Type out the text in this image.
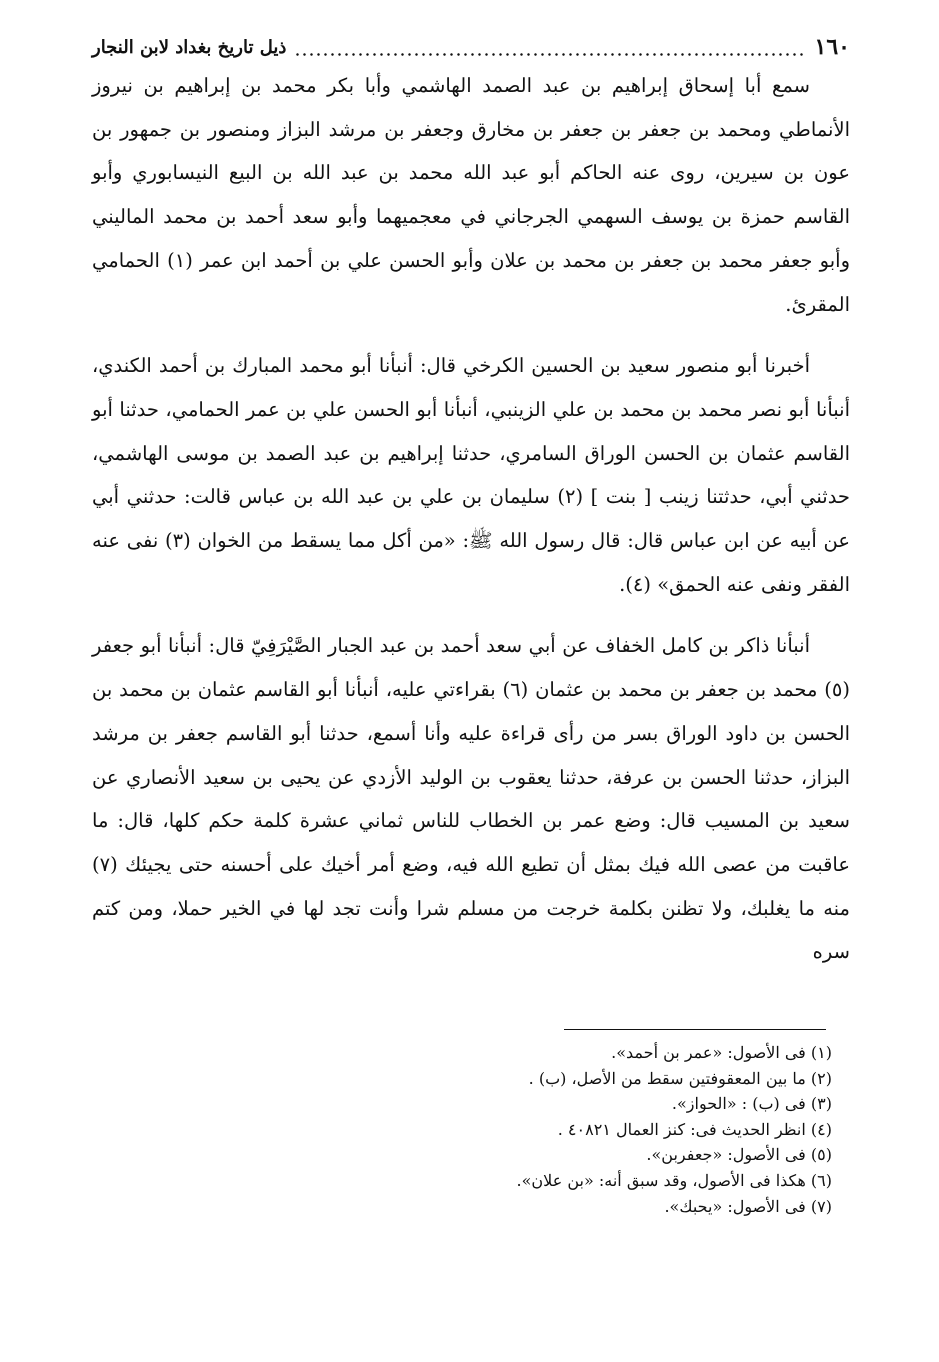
١٦٠
ذيل تاريخ بغداد لابن النجار

سمع أبا إسحاق إبراهيم بن عبد الصمد الهاشمي وأبا بكر محمد بن إبراهيم بن نيروز الأنماطي ومحمد بن جعفر بن جعفر بن مخارق وجعفر بن مرشد البزاز ومنصور بن جمهور بن عون بن سيرين، روى عنه الحاكم أبو عبد الله محمد بن عبد الله بن البيع النيسابوري وأبو القاسم حمزة بن يوسف السهمي الجرجاني في معجميهما وأبو سعد أحمد بن محمد الماليني وأبو جعفر محمد بن جعفر بن محمد بن علان وأبو الحسن علي بن أحمد ابن عمر (١) الحمامي المقرئ.

أخبرنا أبو منصور سعيد بن الحسين الكرخي قال: أنبأنا أبو محمد المبارك بن أحمد الكندي، أنبأنا أبو نصر محمد بن محمد بن علي الزينبي، أنبأنا أبو الحسن علي بن عمر الحمامي، حدثنا أبو القاسم عثمان بن الحسن الوراق السامري، حدثنا إبراهيم بن عبد الصمد بن موسى الهاشمي، حدثني أبي، حدثتنا زينب [ بنت ] (٢) سليمان بن علي بن عبد الله بن عباس قالت: حدثني أبي عن أبيه عن ابن عباس قال: قال رسول الله ﷺ: «من أكل مما يسقط من الخوان (٣) نفى عنه الفقر ونفى عنه الحمق» (٤).

أنبأنا ذاكر بن كامل الخفاف عن أبي سعد أحمد بن عبد الجبار الصَّيْرَفِيّ قال: أنبأنا أبو جعفر (٥) محمد بن جعفر بن محمد بن عثمان (٦) بقراءتي عليه، أنبأنا أبو القاسم عثمان بن محمد بن الحسن بن داود الوراق بسر من رأى قراءة عليه وأنا أسمع، حدثنا أبو القاسم جعفر بن مرشد البزاز، حدثنا الحسن بن عرفة، حدثنا يعقوب بن الوليد الأزدي عن يحيى بن سعيد الأنصاري عن سعيد بن المسيب قال: وضع عمر بن الخطاب للناس ثماني عشرة كلمة حكم كلها، قال: ما عاقبت من عصى الله فيك بمثل أن تطيع الله فيه، وضع أمر أخيك على أحسنه حتى يجيئك (٧) منه ما يغلبك، ولا تظنن بكلمة خرجت من مسلم شرا وأنت تجد لها في الخير حملا، ومن كتم سره

(١) فى الأصول: «عمر بن أحمد».

(٢) ما بين المعقوفتين سقط من الأصل، (ب) .

(٣) فى (ب) : «الحواز».

(٤) انظر الحديث فى: كنز العمال ٤٠٨٢١ .

(٥) فى الأصول: «جعفربن».

(٦) هكذا فى الأصول، وقد سبق أنه: «بن علان».

(٧) فى الأصول: «يحبك».
